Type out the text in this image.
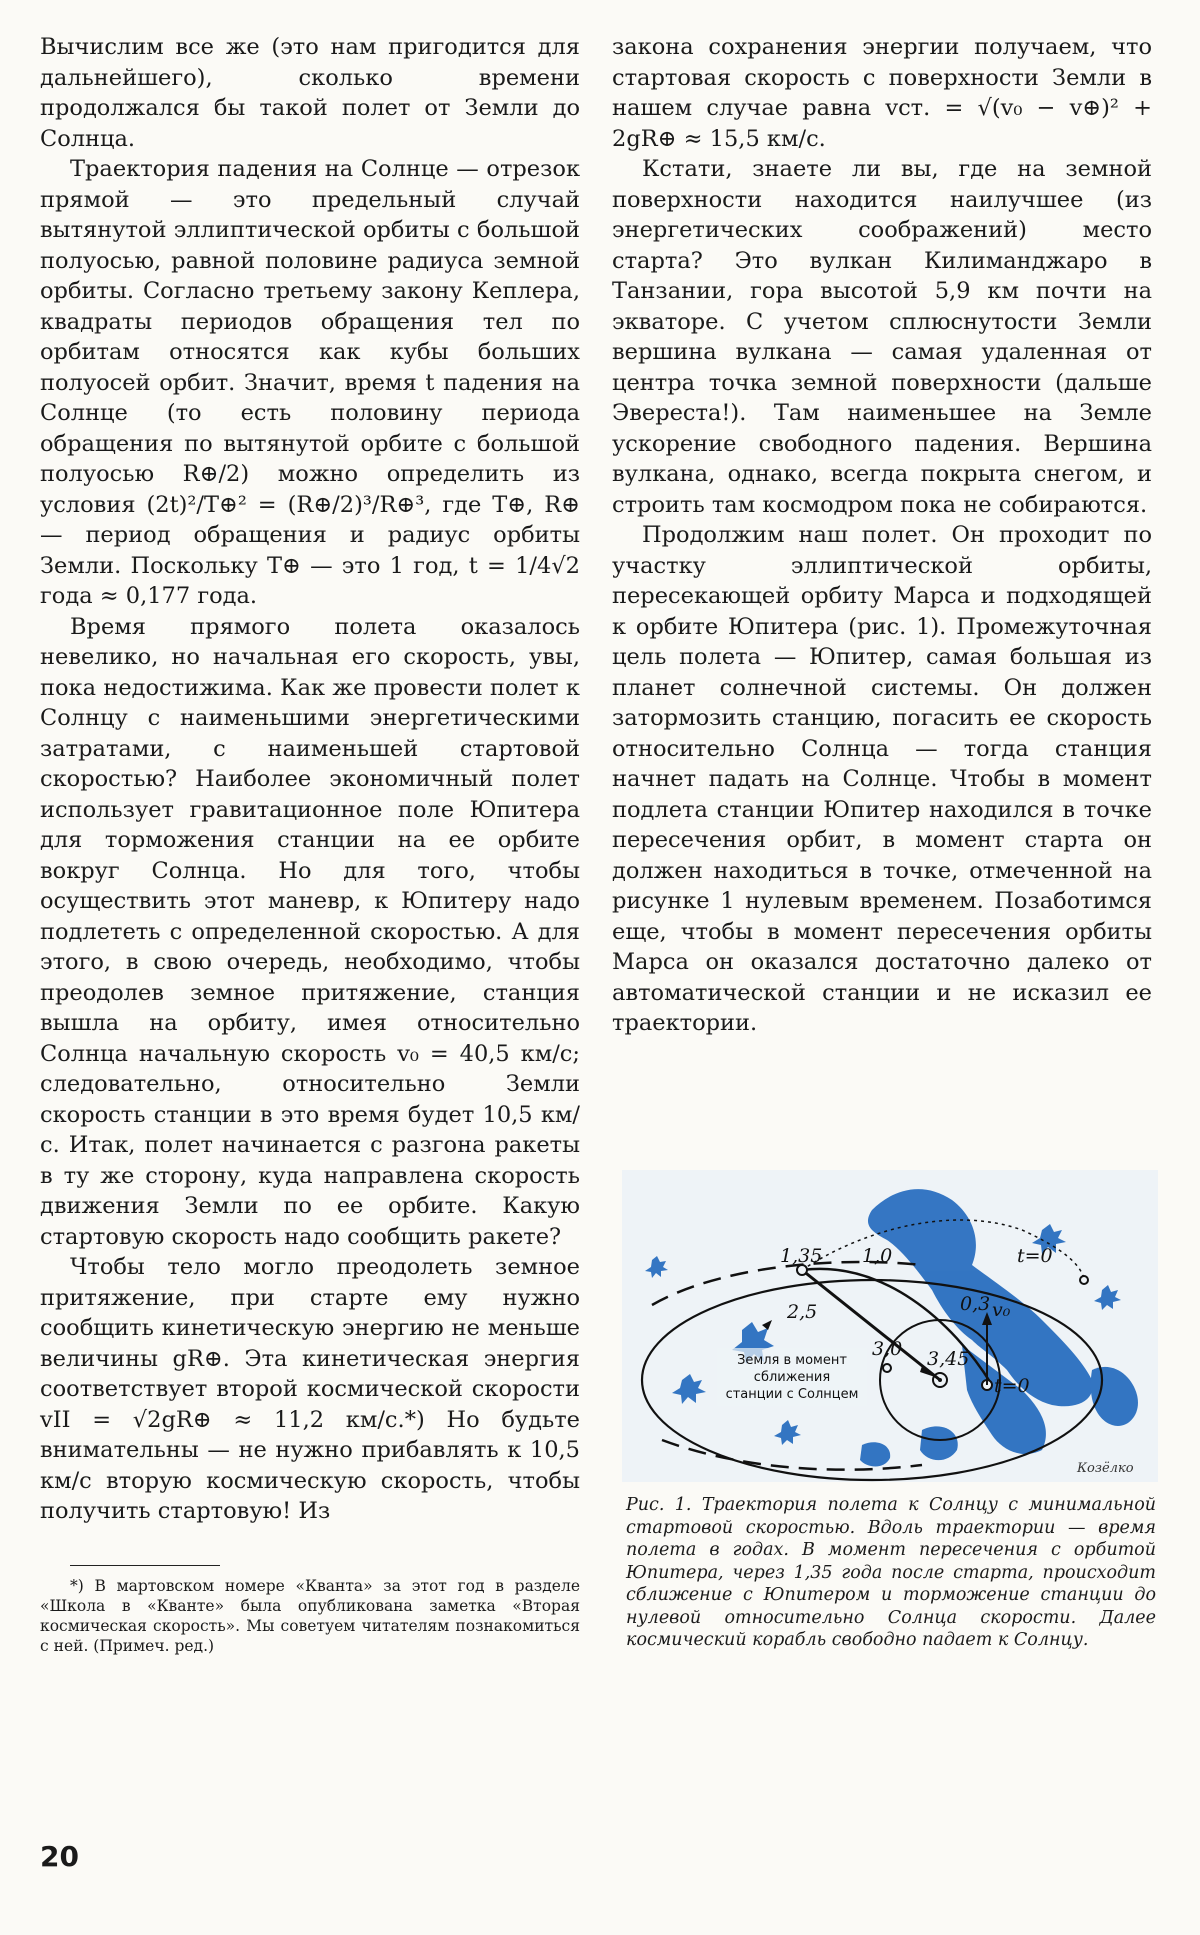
Вычислим все же (это нам пригодится для дальнейшего), сколько времени продолжался бы такой полет от Земли до Солнца.

Траектория падения на Солнце — отрезок прямой — это предельный случай вытянутой эллиптической орбиты с большой полуосью, равной половине радиуса земной орбиты. Согласно третьему закону Кеплера, квадраты периодов обращения тел по орбитам относятся как кубы больших полуосей орбит. Значит, время t падения на Солнце (то есть половину периода обращения по вытянутой орбите с большой полуосью R⊕/2) можно определить из условия (2t)²/T⊕² = (R⊕/2)³/R⊕³, где T⊕, R⊕ — период обращения и радиус орбиты Земли. Поскольку T⊕ — это 1 год, t = 1/4√2 года ≈ 0,177 года.

Время прямого полета оказалось невелико, но начальная его скорость, увы, пока недостижима. Как же провести полет к Солнцу с наименьшими энергетическими затратами, с наименьшей стартовой скоростью? Наиболее экономичный полет использует гравитационное поле Юпитера для торможения станции на ее орбите вокруг Солнца. Но для того, чтобы осуществить этот маневр, к Юпитеру надо подлететь с определенной скоростью. А для этого, в свою очередь, необходимо, чтобы преодолев земное притяжение, станция вышла на орбиту, имея относительно Солнца начальную скорость v₀ = 40,5 км/с; следовательно, относительно Земли скорость станции в это время будет 10,5 км/с. Итак, полет начинается с разгона ракеты в ту же сторону, куда направлена скорость движения Земли по ее орбите. Какую стартовую скорость надо сообщить ракете?

Чтобы тело могло преодолеть земное притяжение, при старте ему нужно сообщить кинетическую энергию не меньше величины gR⊕. Эта кинетическая энергия соответствует второй космической скорости vII = √2gR⊕ ≈ 11,2 км/с.*) Но будьте внимательны — не нужно прибавлять к 10,5 км/с вторую космическую скорость, чтобы получить стартовую! Из

*) В мартовском номере «Кванта» за этот год в разделе «Школа в «Кванте» была опубликована заметка «Вторая космическая скорость». Мы советуем читателям познакомиться с ней. (Примеч. ред.)

закона сохранения энергии получаем, что стартовая скорость с поверхности Земли в нашем случае равна vст. = √(v₀ − v⊕)² + 2gR⊕ ≈ 15,5 км/с.

Кстати, знаете ли вы, где на земной поверхности находится наилучшее (из энергетических соображений) место старта? Это вулкан Килиманджаро в Танзании, гора высотой 5,9 км почти на экваторе. С учетом сплюснутости Земли вершина вулкана — самая удаленная от центра точка земной поверхности (дальше Эвереста!). Там наименьшее на Земле ускорение свободного падения. Вершина вулкана, однако, всегда покрыта снегом, и строить там космодром пока не собираются.

Продолжим наш полет. Он проходит по участку эллиптической орбиты, пересекающей орбиту Марса и подходящей к орбите Юпитера (рис. 1). Промежуточная цель полета — Юпитер, самая большая из планет солнечной системы. Он должен затормозить станцию, погасить ее скорость относительно Солнца — тогда станция начнет падать на Солнце. Чтобы в момент подлета станции Юпитер находился в точке пересечения орбит, в момент старта он должен находиться в точке, отмеченной на рисунке 1 нулевым временем. Позаботимся еще, чтобы в момент пересечения орбиты Марса он оказался достаточно далеко от автоматической станции и не исказил ее траектории.

1,35 1,0
2,5
3,0 3,45
0,3
t=0
t=0
v₀
Земля в момент
сближения
станции с Солнцем
Козёлко
Рис. 1. Траектория полета к Солнцу с минимальной стартовой скоростью. Вдоль траектории — время полета в годах. В момент пересечения с орбитой Юпитера, через 1,35 года после старта, происходит сближение с Юпитером и торможение станции до нулевой относительно Солнца скорости. Далее космический корабль свободно падает к Солнцу.
20
